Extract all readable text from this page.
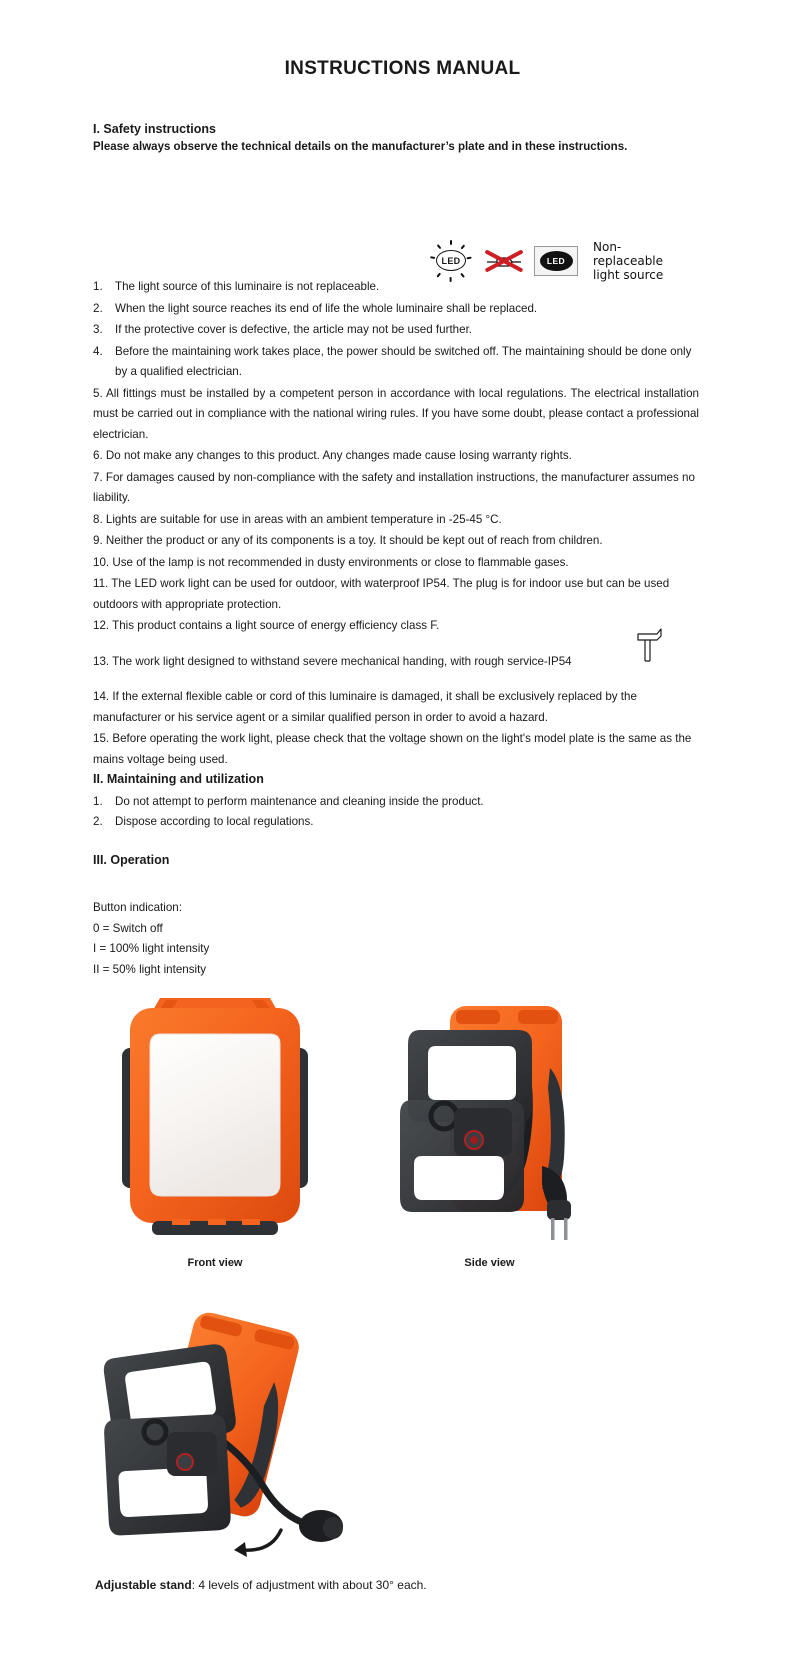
INSTRUCTIONS MANUAL
I. Safety instructions
Please always observe the technical details on the manufacturer’s plate and in these instructions.
LED	LED
Non-
replaceable
light source
1.	The light source of this luminaire is not replaceable.
2.	When the light source reaches its end of life the whole luminaire shall be replaced.
3.	If the protective cover is defective, the article may not be used further.
4.	Before the maintaining work takes place, the power should be switched off. The maintaining should be done only by a qualified electrician.
5. All fittings must be installed by a competent person in accordance with local regulations. The electrical installation must be carried out in compliance with the national wiring rules. If you have some doubt, please contact a professional electrician.
6. Do not make any changes to this product. Any changes made cause losing warranty rights.
7. For damages caused by non-compliance with the safety and installation instructions, the manufacturer assumes no liability.
8. Lights are suitable for use in areas with an ambient temperature in -25-45 °C.
9. Neither the product or any of its components is a toy. It should be kept out of reach from children.
10. Use of the lamp is not recommended in dusty environments or close to flammable gases.
11. The LED work light can be used for outdoor, with waterproof IP54. The plug is for indoor use but can be used outdoors with appropriate protection.
12. This product contains a light source of energy efficiency class F.
13. The work light designed to withstand severe mechanical handing, with rough service-IP54
14. If the external flexible cable or cord of this luminaire is damaged, it shall be exclusively replaced by the manufacturer or his service agent or a similar qualified person in order to avoid a hazard.
15. Before operating the work light, please check that the voltage shown on the light's model plate is the same as the mains voltage being used.
II. Maintaining and utilization
1.	Do not attempt to perform maintenance and cleaning inside the product.
2.	Dispose according to local regulations.
III. Operation

Button indication:

0 = Switch off

I = 100% light intensity

II = 50% light intensity

Front view	Side view
Adjustable stand: 4 levels of adjustment with about 30° each.
